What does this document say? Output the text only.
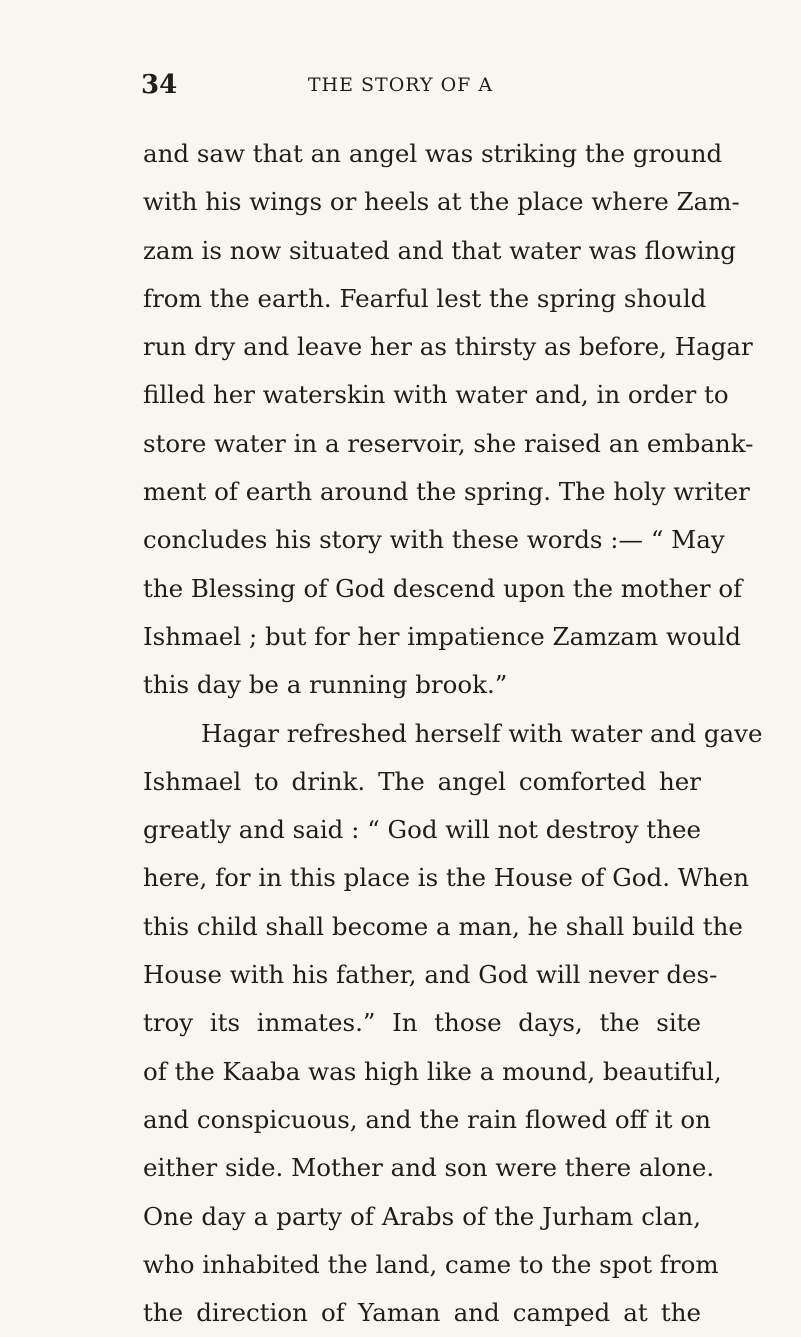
34	THE STORY OF A
and saw that an angel was striking the ground
with his wings or heels at the place where Zam-
zam is now situated and that water was flowing
from the earth. Fearful lest the spring should
run dry and leave her as thirsty as before, Hagar
filled her waterskin with water and, in order to
store water in a reservoir, she raised an embank-
ment of earth around the spring. The holy writer
concludes his story with these words :— “ May
the Blessing of God descend upon the mother of
Ishmael ; but for her impatience Zamzam would
this day be a running brook.”
Hagar refreshed herself with water and gave
Ishmael to drink. The angel comforted her
greatly and said : “ God will not destroy thee
here, for in this place is the House of God. When
this child shall become a man, he shall build the
House with his father, and God will never des-
troy its inmates.” In those days, the site
of the Kaaba was high like a mound, beautiful,
and conspicuous, and the rain flowed off it on
either side. Mother and son were there alone.
One day a party of Arabs of the Jurham clan,
who inhabited the land, came to the spot from
the direction of Yaman and camped at the
